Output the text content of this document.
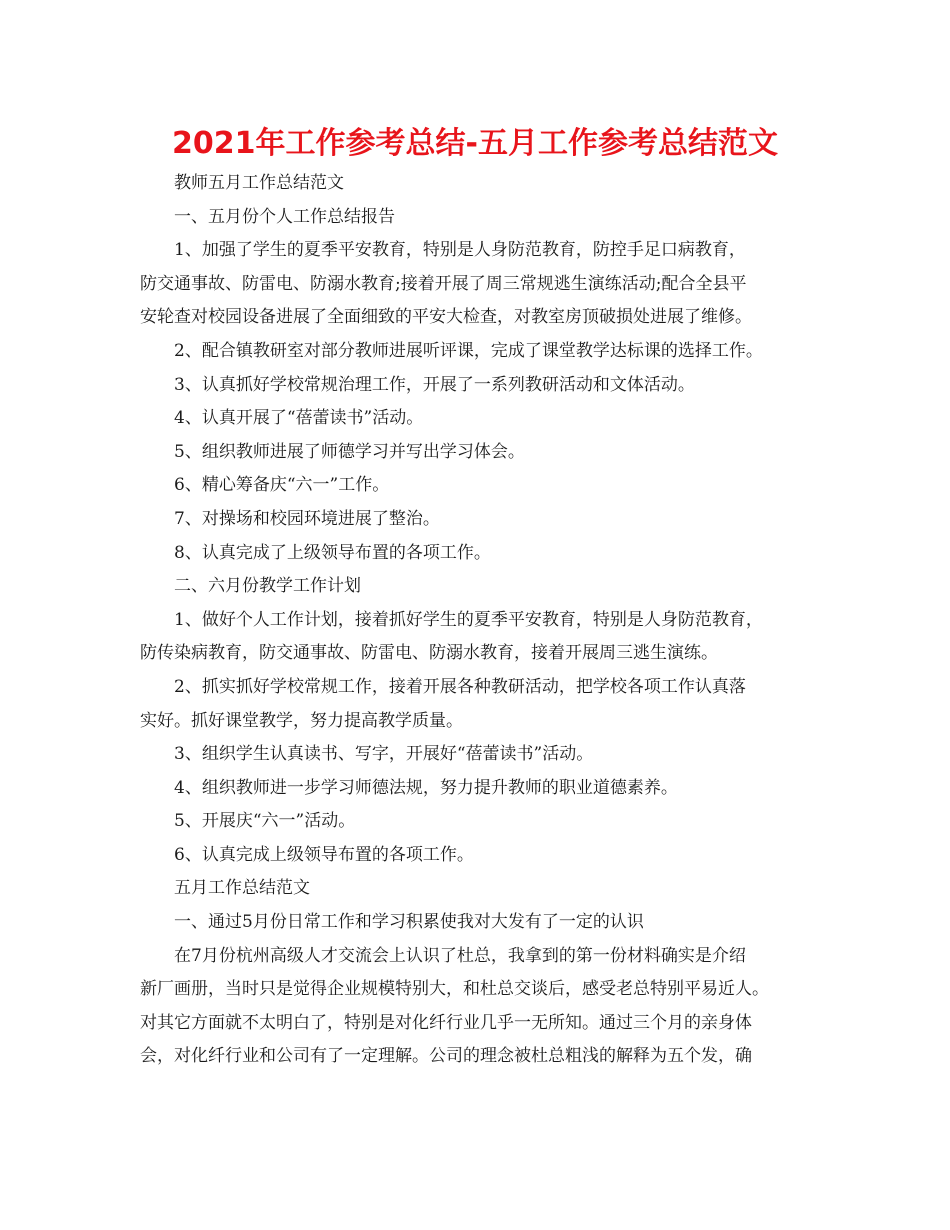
2021年工作参考总结-五月工作参考总结范文
教师五月工作总结范文
一、五月份个人工作总结报告
1、加强了学生的夏季平安教育，特别是人身防范教育，防控手足口病教育，
防交通事故、防雷电、防溺水教育;接着开展了周三常规逃生演练活动;配合全县平
安轮查对校园设备进展了全面细致的平安大检查，对教室房顶破损处进展了维修。
2、配合镇教研室对部分教师进展听评课，完成了课堂教学达标课的选择工作。
3、认真抓好学校常规治理工作，开展了一系列教研活动和文体活动。
4、认真开展了“蓓蕾读书”活动。
5、组织教师进展了师德学习并写出学习体会。
6、精心筹备庆“六一”工作。
7、对操场和校园环境进展了整治。
8、认真完成了上级领导布置的各项工作。
二、六月份教学工作计划
1、做好个人工作计划，接着抓好学生的夏季平安教育，特别是人身防范教育，
防传染病教育，防交通事故、防雷电、防溺水教育，接着开展周三逃生演练。
2、抓实抓好学校常规工作，接着开展各种教研活动，把学校各项工作认真落
实好。抓好课堂教学，努力提高教学质量。
3、组织学生认真读书、写字，开展好“蓓蕾读书”活动。
4、组织教师进一步学习师德法规，努力提升教师的职业道德素养。
5、开展庆“六一”活动。
6、认真完成上级领导布置的各项工作。
五月工作总结范文
一、通过5月份日常工作和学习积累使我对大发有了一定的认识
在7月份杭州高级人才交流会上认识了杜总，我拿到的第一份材料确实是介绍
新厂画册，当时只是觉得企业规模特别大，和杜总交谈后，感受老总特别平易近人。
对其它方面就不太明白了，特别是对化纤行业几乎一无所知。通过三个月的亲身体
会，对化纤行业和公司有了一定理解。公司的理念被杜总粗浅的解释为五个发，确
